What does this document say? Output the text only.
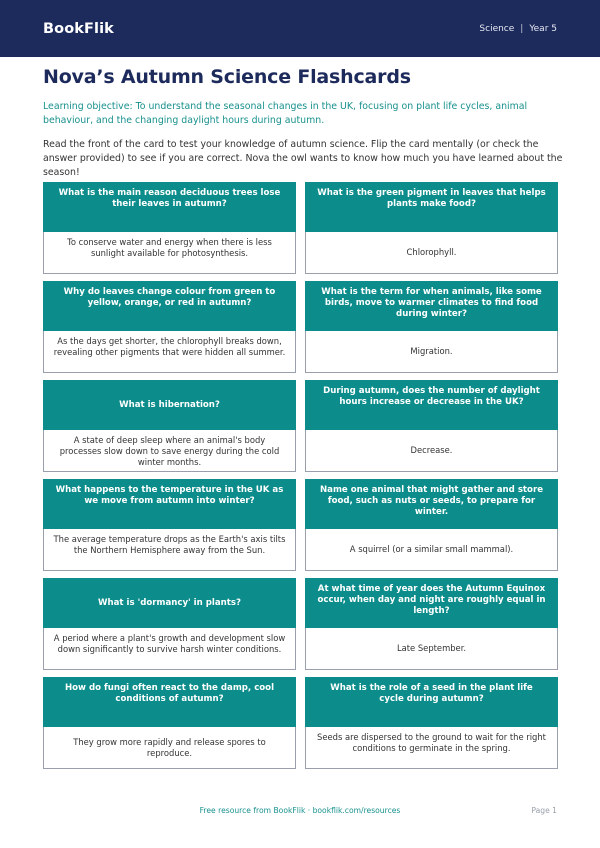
BookFlik	Science | Year 5
Nova’s Autumn Science Flashcards
Learning objective: To understand the seasonal changes in the UK, focusing on plant life cycles, animal behaviour, and the changing daylight hours during autumn.
Read the front of the card to test your knowledge of autumn science. Flip the card mentally (or check the answer provided) to see if you are correct. Nova the owl wants to know how much you have learned about the season!
What is the main reason deciduous trees lose their leaves in autumn?
To conserve water and energy when there is less sunlight available for photosynthesis.
What is the green pigment in leaves that helps plants make food?
Chlorophyll.
Why do leaves change colour from green to yellow, orange, or red in autumn?
As the days get shorter, the chlorophyll breaks down, revealing other pigments that were hidden all summer.
What is the term for when animals, like some birds, move to warmer climates to find food during winter?
Migration.
What is hibernation?
A state of deep sleep where an animal's body processes slow down to save energy during the cold winter months.
During autumn, does the number of daylight hours increase or decrease in the UK?
Decrease.
What happens to the temperature in the UK as we move from autumn into winter?
The average temperature drops as the Earth's axis tilts the Northern Hemisphere away from the Sun.
Name one animal that might gather and store food, such as nuts or seeds, to prepare for winter.
A squirrel (or a similar small mammal).
What is 'dormancy' in plants?
A period where a plant's growth and development slow down significantly to survive harsh winter conditions.
At what time of year does the Autumn Equinox occur, when day and night are roughly equal in length?
Late September.
How do fungi often react to the damp, cool conditions of autumn?
They grow more rapidly and release spores to reproduce.
What is the role of a seed in the plant life cycle during autumn?
Seeds are dispersed to the ground to wait for the right conditions to germinate in the spring.
Free resource from BookFlik · bookflik.com/resources	Page 1
